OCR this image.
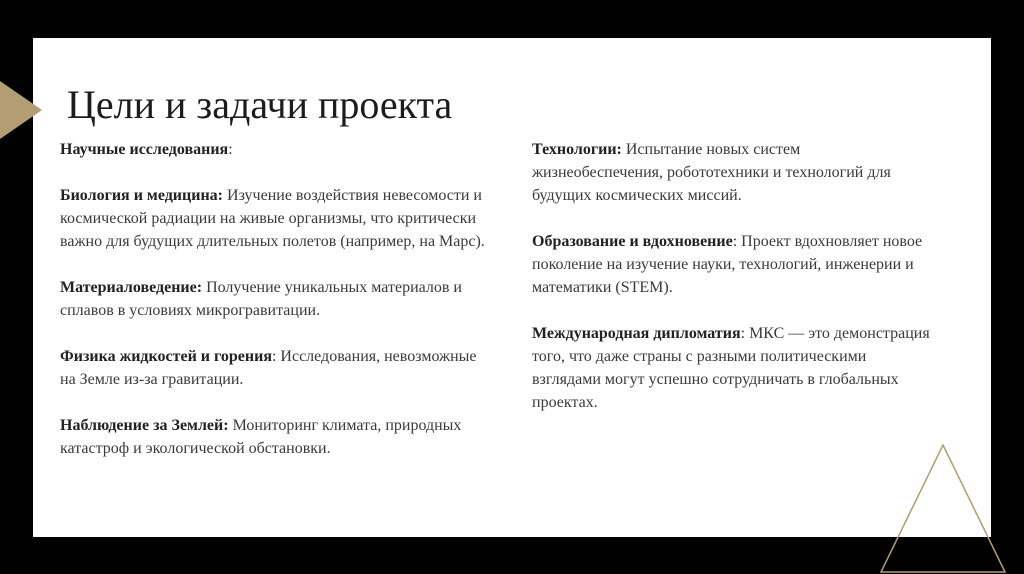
Цели и задачи проекта

Научные исследования:

Биология и медицина: Изучение воздействия невесомости и космической радиации на живые организмы, что критически важно для будущих длительных полетов (например, на Марс).

Материаловедение: Получение уникальных материалов и сплавов в условиях микрогравитации.

Физика жидкостей и горения: Исследования, невозможные на Земле из-за гравитации.

Наблюдение за Землей: Мониторинг климата, природных катастроф и экологической обстановки.

Технологии: Испытание новых систем жизнеобеспечения, робототехники и технологий для будущих космических миссий.

Образование и вдохновение: Проект вдохновляет новое поколение на изучение науки, технологий, инженерии и математики (STEM).

Международная дипломатия: МКС — это демонстрация того, что даже страны с разными политическими взглядами могут успешно сотрудничать в глобальных проектах.
